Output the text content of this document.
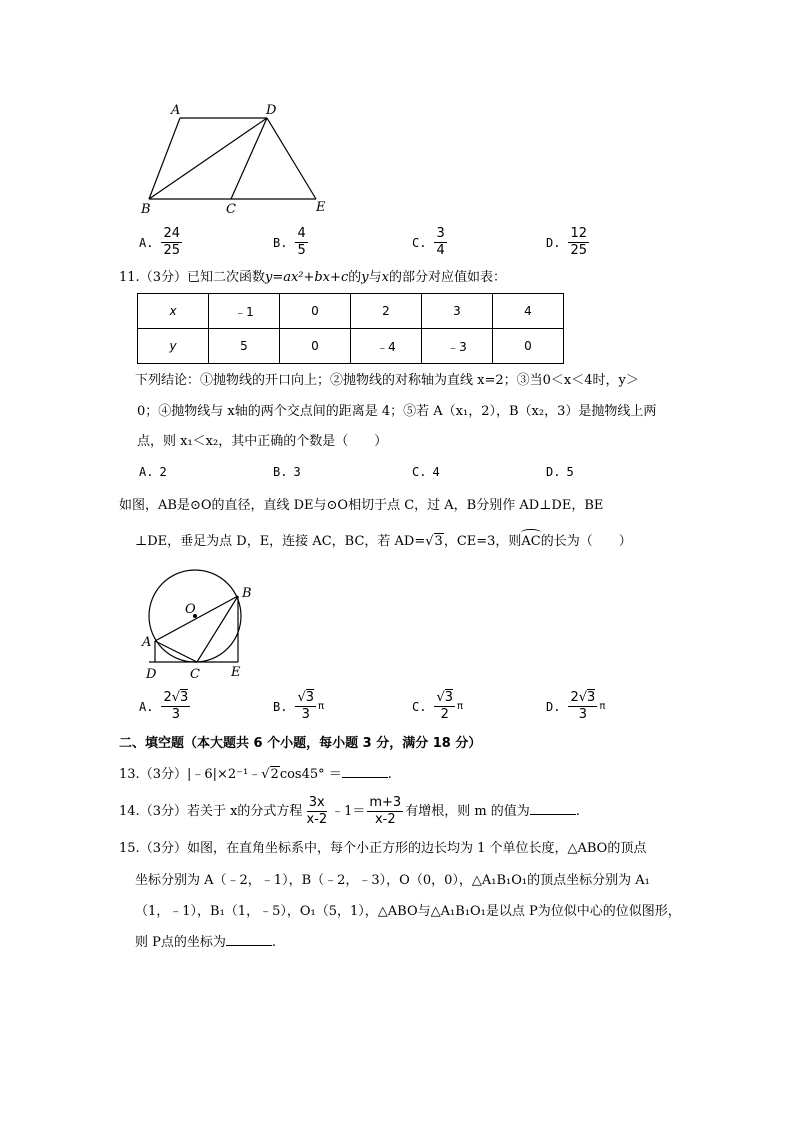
A	D
B	C	E
A. $\frac{24}{25}$	B. $\frac{4}{5}$	C. $\frac{3}{4}$	D. $\frac{12}{25}$
11.（3分）已知二次函数y=ax²+bx+c的y与x的部分对应值如表：
x	﹣1	0	2	3	4
y	5	0	﹣4	﹣3	0
下列结论：①抛物线的开口向上；②抛物线的对称轴为直线 x=2；③当0＜x＜4时，y＞
0；④抛物线与 x轴的两个交点间的距离是 4；⑤若 A（x₁，2），B（x₂，3）是抛物线上两
点，则 x₁＜x₂，其中正确的个数是（　　）
A. 2	B. 3	C. 4	D. 5
如图，AB是⊙O的直径，直线 DE与⊙O相切于点 C，过 A，B分别作 AD⊥DE，BE
⊥DE，垂足为点 D，E，连接 AC，BC，若 AD=√3，CE=3，则
AC的长为（　　）
O
A
B
D	C E
A. $\frac{2√3}{3}$	B. $\frac{√3}{3}$ π	C. $\frac{√3}{2}$ π	D. $\frac{2√3}{3}$ π
二、填空题（本大题共 6 个小题，每小题 3 分，满分 18 分）
13.（3分）|﹣6|×2⁻¹﹣√2cos45° ＝	.
14.（3分）若关于 x的分式方程 $\frac{3x}{x-2}$ ﹣1＝ $\frac{m+3}{x-2}$ 有增根，则 m 的值为	.
15.（3分）如图，在直角坐标系中，每个小正方形的边长均为 1 个单位长度，△ABO的顶点
坐标分别为 A（﹣2，﹣1），B（﹣2，﹣3），O（0，0），△A₁B₁O₁的顶点坐标分别为 A₁
（1，﹣1），B₁（1，﹣5），O₁（5，1），△ABO与△A₁B₁O₁是以点 P为位似中心的位似图形，
则 P点的坐标为	.
